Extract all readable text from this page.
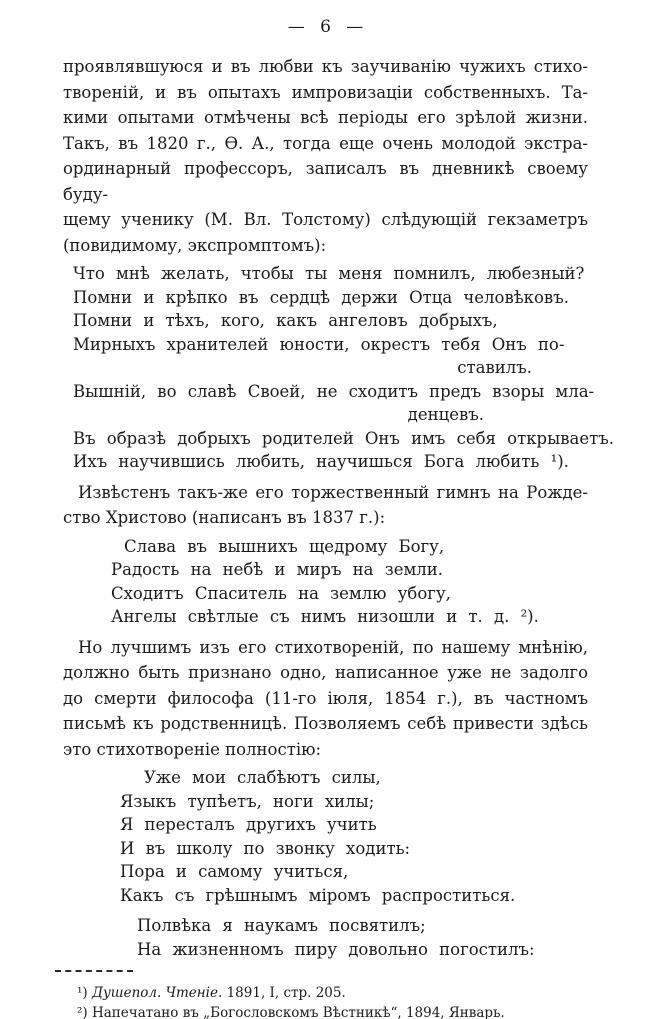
— 6 —
проявлявшуюся и въ любви къ заучиванію чужихъ стихо-
твореній, и въ опытахъ импровизаціи собственныхъ. Та-
кими опытами отмѣчены всѣ періоды его зрѣлой жизни.
Такъ, въ 1820 г., Ѳ. А., тогда еще очень молодой экстра-
ординарный профессоръ, записалъ въ дневникѣ своему буду-
щему ученику (М. Вл. Толстому) слѣдующій гекзаметръ
(повидимому, экспромптомъ):
Что мнѣ желать, чтобы ты меня помнилъ, любезный?
Помни и крѣпко въ сердцѣ держи Отца человѣковъ.
Помни и тѣхъ, кого, какъ ангеловъ добрыхъ,
Мирныхъ хранителей юности, окрестъ тебя Онъ по-
ставилъ.
Вышній, во славѣ Своей, не сходитъ предъ взоры мла-
денцевъ.
Въ образѣ добрыхъ родителей Онъ имъ себя открываетъ.
Ихъ научившись любить, научишься Бога любить ¹).
Извѣстенъ такъ-же его торжественный гимнъ на Рожде-
ство Христово (написанъ въ 1837 г.):
Слава въ вышнихъ щедрому Богу,
Радость на небѣ и миръ на земли.
Сходитъ Спаситель на землю убогу,
Ангелы свѣтлые съ нимъ низошли и т. д. ²).
Но лучшимъ изъ его стихотвореній, по нашему мнѣнію,
должно быть признано одно, написанное уже не задолго
до смерти философа (11-го іюля, 1854 г.), въ частномъ
письмѣ къ родственницѣ. Позволяемъ себѣ привести здѣсь
это стихотвореніе полностію:
Уже мои слабѣютъ силы,
Языкъ тупѣетъ, ноги хилы;
Я пересталъ другихъ учить
И въ школу по звонку ходить:
Пора и самому учиться,
Какъ съ грѣшнымъ міромъ распроститься.
Полвѣка я наукамъ посвятилъ;
На жизненномъ пиру довольно погостилъ:
¹) Душепол. Чтеніе. 1891, I, стр. 205.
²) Напечатано въ „Богословскомъ Вѣстникѣ“, 1894, Январь.
